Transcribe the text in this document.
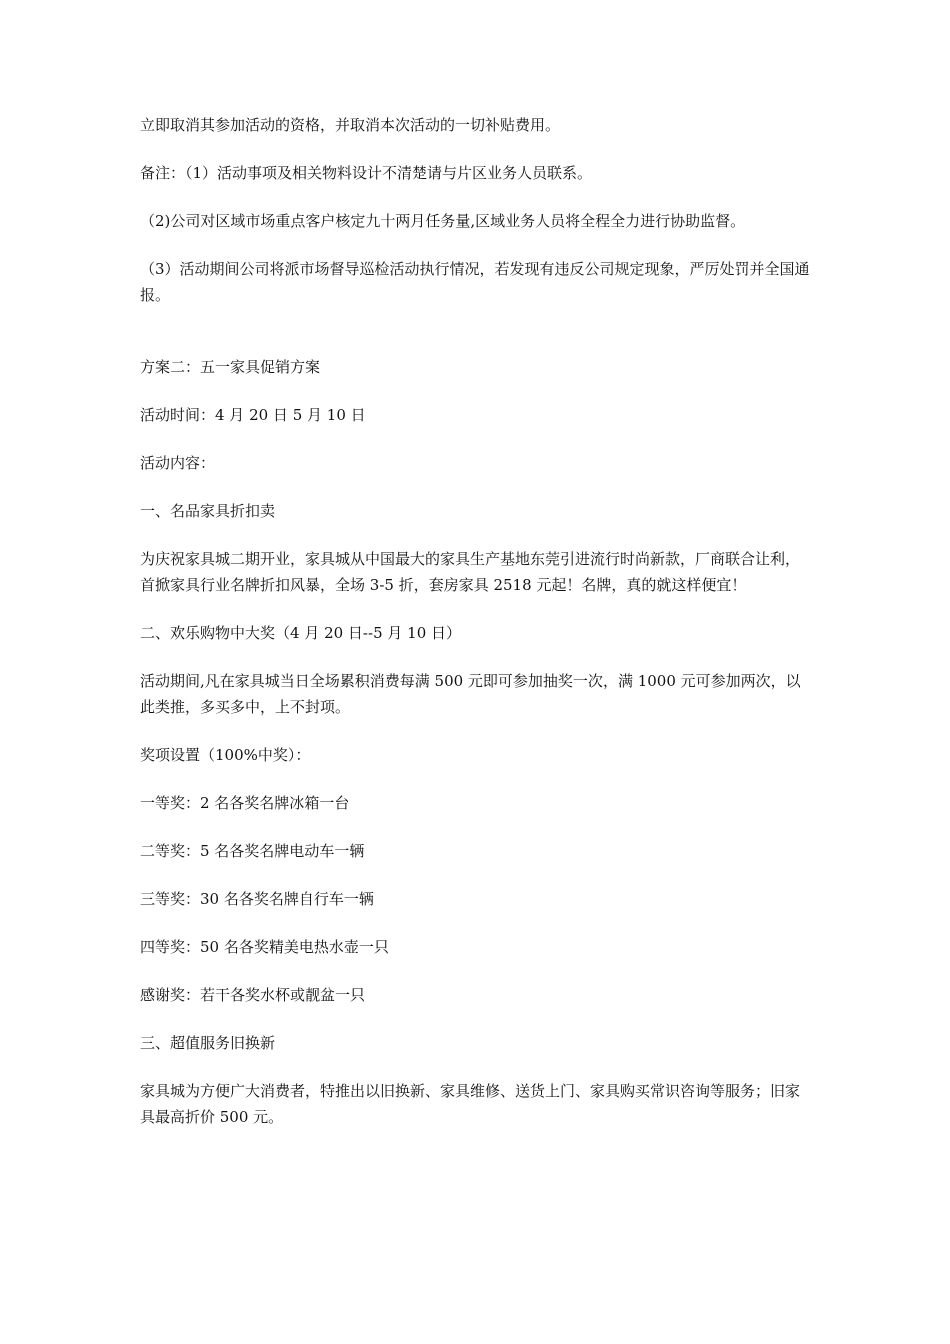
立即取消其参加活动的资格，并取消本次活动的一切补贴费用。

备注：（1）活动事项及相关物料设计不清楚请与片区业务人员联系。

（2)公司对区域市场重点客户核定九十两月任务量,区域业务人员将全程全力进行协助监督。

（3）活动期间公司将派市场督导巡检活动执行情况，若发现有违反公司规定现象，严厉处罚并全国通报。

方案二：五一家具促销方案

活动时间：4 月 20 日 5 月 10 日

活动内容：

一、名品家具折扣卖

为庆祝家具城二期开业，家具城从中国最大的家具生产基地东莞引进流行时尚新款，厂商联合让利，首掀家具行业名牌折扣风暴，全场 3-5 折，套房家具 2518 元起！名牌，真的就这样便宜！

二、欢乐购物中大奖（4 月 20 日--5 月 10 日）

活动期间,凡在家具城当日全场累积消费每满 500 元即可参加抽奖一次，满 1000 元可参加两次，以此类推，多买多中，上不封项。

奖项设置（100%中奖）：

一等奖：2 名各奖名牌冰箱一台

二等奖：5 名各奖名牌电动车一辆

三等奖：30 名各奖名牌自行车一辆

四等奖：50 名各奖精美电热水壶一只

感谢奖：若干各奖水杯或靓盆一只

三、超值服务旧换新

家具城为方便广大消费者，特推出以旧换新、家具维修、送货上门、家具购买常识咨询等服务；旧家具最高折价 500 元。
